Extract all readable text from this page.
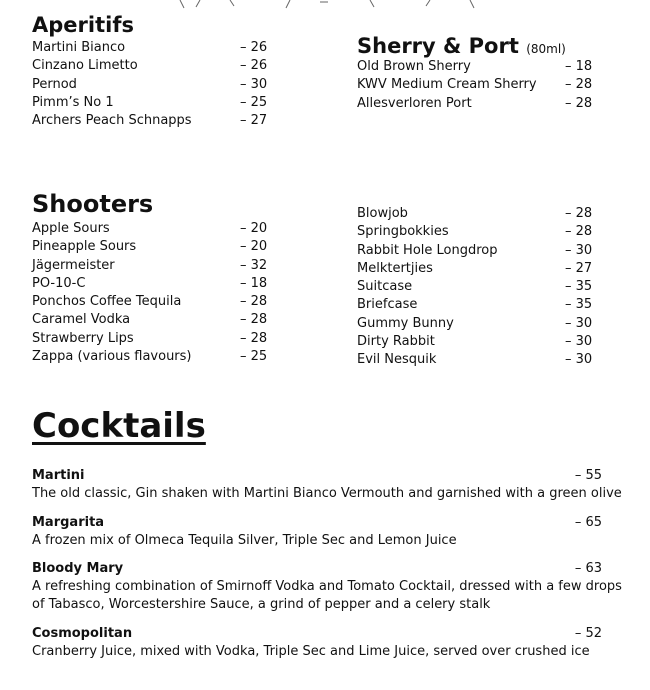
Aperitifs
Martini Bianco	– 26
Cinzano Limetto	– 26
Pernod	– 30
Pimm’s No 1	– 25
Archers Peach Schnapps	– 27
Sherry & Port (80ml)
Old Brown Sherry	– 18
KWV Medium Cream Sherry – 28
Allesverloren Port	– 28
Shooters
Apple Sours	– 20
Pineapple Sours	– 20
Jägermeister	– 32
PO-10-C	– 18
Ponchos Coffee Tequila	– 28
Caramel Vodka	– 28
Strawberry Lips	– 28
Zappa (various flavours)	– 25
Blowjob	– 28
Springbokkies	– 28
Rabbit Hole Longdrop	– 30
Melktertjies	– 27
Suitcase	– 35
Briefcase	– 35
Gummy Bunny	– 30
Dirty Rabbit	– 30
Evil Nesquik	– 30
Cocktails
Martini	– 55
The old classic, Gin shaken with Martini Bianco Vermouth and garnished with a green olive
Margarita	– 65
A frozen mix of Olmeca Tequila Silver, Triple Sec and Lemon Juice
Bloody Mary	– 63
A refreshing combination of Smirnoff Vodka and Tomato Cocktail, dressed with a few drops of Tabasco, Worcestershire Sauce, a grind of pepper and a celery stalk
Cosmopolitan	– 52
Cranberry Juice, mixed with Vodka, Triple Sec and Lime Juice, served over crushed ice
